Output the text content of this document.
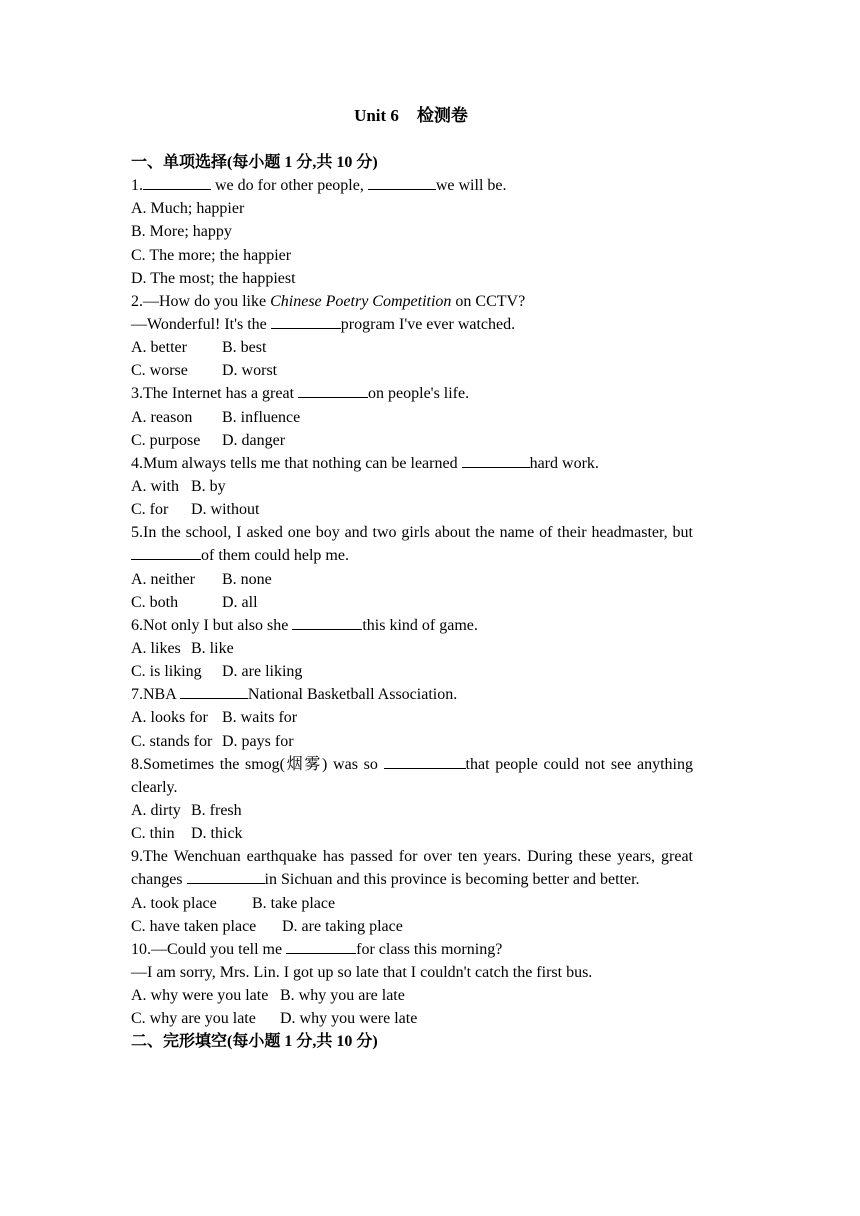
Unit 6 检测卷
一、单项选择(每小题 1 分,共 10 分)
1.	we do for other people,	we will be.
A. Much; happier
B. More; happy
C. The more; the happier
D. The most; the happiest
2.—How do you like Chinese Poetry Competition on CCTV?
—Wonderful! It's the	program I've ever watched.
A. better B. best
C. worse D. worst
3.The Internet has a great	on people's life.
A. reason B. influence
C. purpose D. danger
4.Mum always tells me that nothing can be learned	hard work.
A. with B. by
C. for D. without
5.In the school, I asked one boy and two girls about the name of their headmaster, but of them could help me.
A. neither B. none
C. both	D. all
6.Not only I but also she	this kind of game.
A. likes B. like
C. is liking D. are liking
7.NBA	National Basketball Association.
A. looks for B. waits for
C. stands for D. pays for
8.Sometimes the smog(烟雾) was so	that people could not see anything clearly.
A. dirty B. fresh
C. thin D. thick
9.The Wenchuan earthquake has passed for over ten years. During these years, great changes	in Sichuan and this province is becoming better and better.
A. took place B. take place
C. have taken place D. are taking place
10.—Could you tell me	for class this morning?
—I am sorry, Mrs. Lin. I got up so late that I couldn't catch the first bus.
A. why were you late B. why you are late
C. why are you late D. why you were late
二、完形填空(每小题 1 分,共 10 分)
